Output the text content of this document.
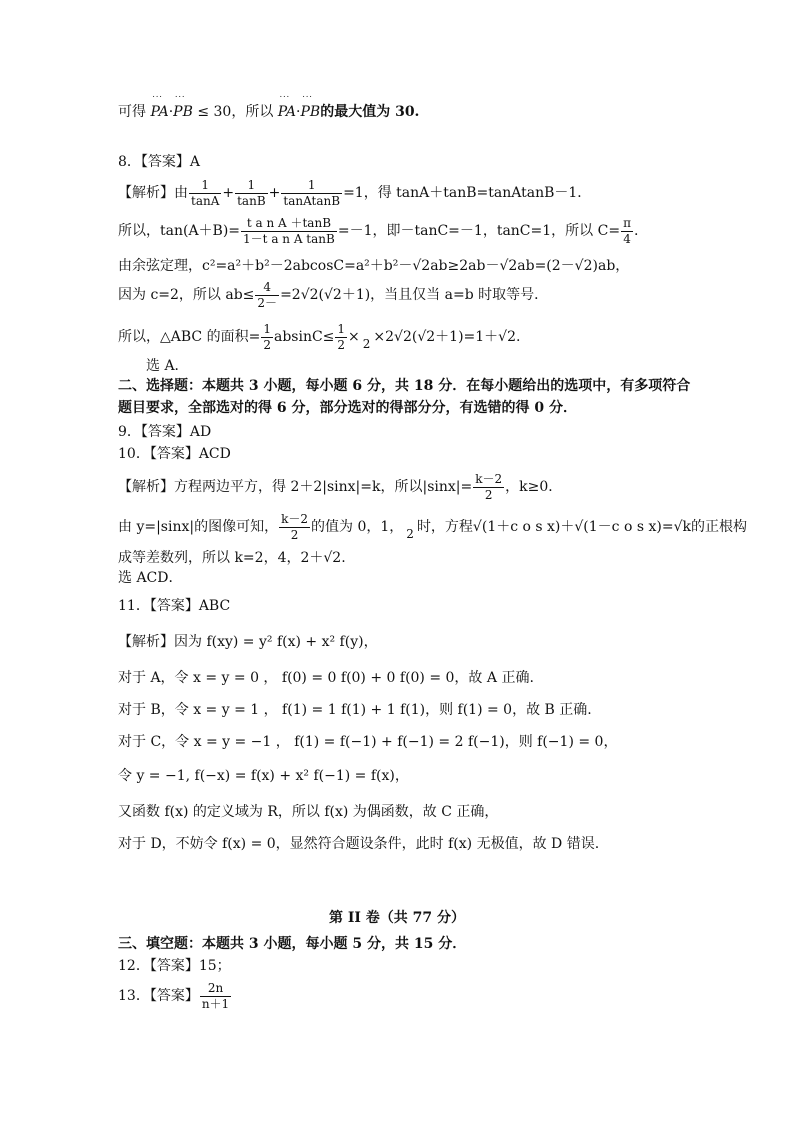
可得 ˙˙˙ PA·˙˙˙ PB ≤ 30，所以 ˙˙˙ PA·˙˙˙ PB的最大值为 30.
8．【答案】A
【解析】由 $\frac{1}{\tan A} + \frac{1}{\tan B} + \frac{1}{\text{tanAtanB}} =1$，得 tanA＋tanB=tanAtanB－1．
所以，$\tan(A+B)= \frac{\text{t a n A ＋tanB}}{\text{1－t a n A tanB}} =-1$，即－tanC=－1，tanC=1，所以 $C= \frac{\pi}{4}$ .
由余弦定理，c²=a²＋b²－2abcosC=a²＋b²－√2ab≥2ab－√2ab=(2－√2)ab，
因为 c=2，所以 $ab\le \frac{4}{2-} =2√2(√2+1)$，当且仅当 a=b 时取等号．
所以，△ABC 的面积= $\frac{1}{2} absinC\le \frac{1}{2}$ ×
2 ×2√2(√2＋1)=1＋√2.
选 A．
二、选择题：本题共 3 小题，每小题 6 分，共 18 分．在每小题给出的选项中，有多项符合
题目要求，全部选对的得 6 分，部分选对的得部分分，有选错的得 0 分．
9．【答案】AD
10．【答案】ACD
【解析】方程两边平方，得 2＋2|sinx|=k，所以$|\sin x|= \frac{k-2}{2}$ ，k≥0．
由 y=|sinx|的图像可知， $\frac{k-2}{2}$ 的值为 0，1，
2 时，方程√(1＋c o s x)＋√(1－c o s x)=√k的正根构
成等差数列，所以 k=2，4，2＋√2.
选 ACD．
11．【答案】ABC
【解析】因为 f(xy) = y² f(x) + x² f(y)，
对于 A，令 x = y = 0 ， f(0) = 0 f(0) + 0 f(0) = 0，故 A 正确.
对于 B，令 x = y = 1 ， f(1) = 1 f(1) + 1 f(1)，则 f(1) = 0，故 B 正确.
对于 C，令 x = y = −1 ， f(1) = f(−1) + f(−1) = 2 f(−1)，则 f(−1) = 0，
令 y = −1, f(−x) = f(x) + x² f(−1) = f(x)，
又函数 f(x) 的定义域为 R，所以 f(x) 为偶函数，故 C 正确，
对于 D，不妨令 f(x) = 0，显然符合题设条件，此时 f(x) 无极值，故 D 错误.
第 II 卷（共 77 分）
三、填空题：本题共 3 小题，每小题 5 分，共 15 分．
12．【答案】15；
13．【答案】 $\frac{2n}{n+1}$
